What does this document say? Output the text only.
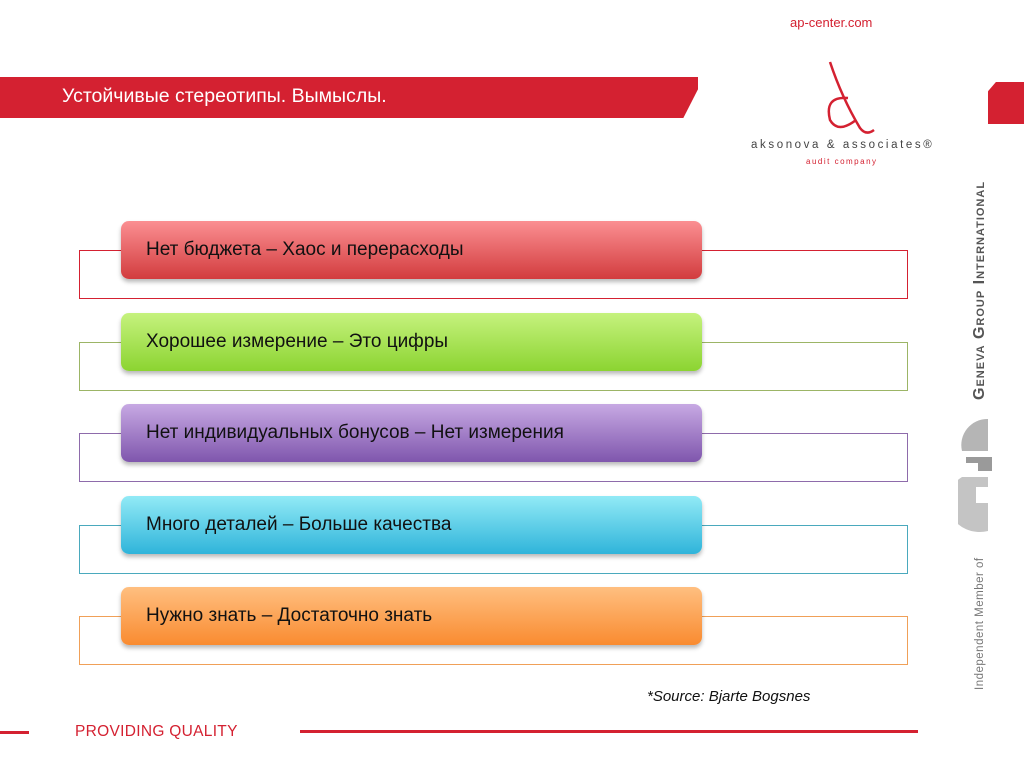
ap-center.com
Устойчивые стереотипы. Вымыслы.
aksonova & associates®
audit company
Geneva Group International
Independent Member of
Нет бюджета – Хаос и перерасходы
Хорошее измерение – Это цифры
Нет индивидуальных бонусов – Нет измерения
Много деталей – Больше качества
Нужно знать – Достаточно знать
*Source: Bjarte Bogsnes
PROVIDING QUALITY
